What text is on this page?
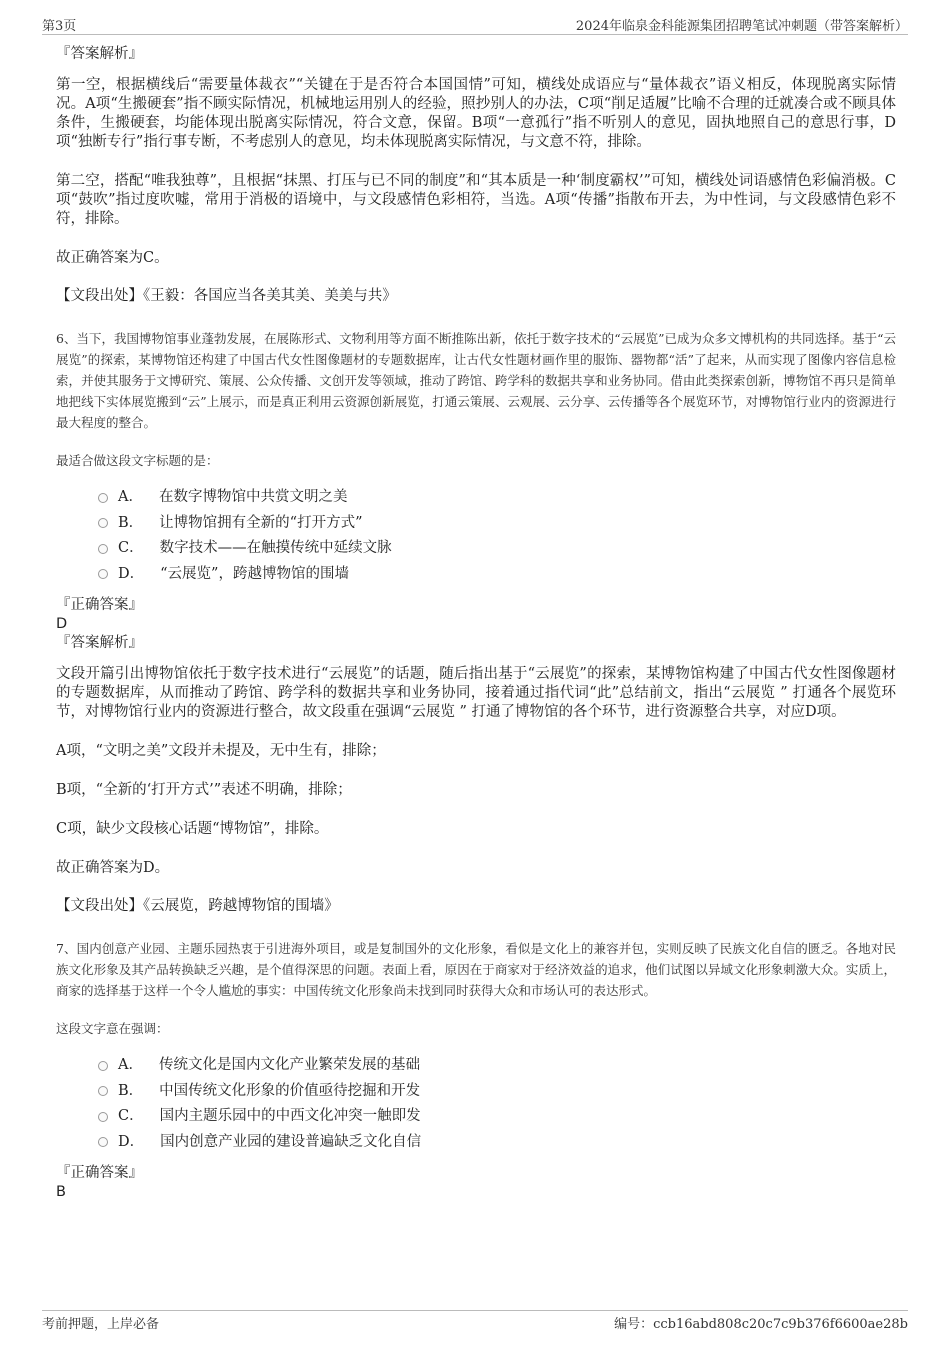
第3页	2024年临泉金科能源集团招聘笔试冲刺题（带答案解析）
『答案解析』
第一空，根据横线后“需要量体裁衣”“关键在于是否符合本国国情”可知，横线处成语应与“量体裁衣”语义相反，体现脱离实际情况。A项“生搬硬套”指不顾实际情况，机械地运用别人的经验，照抄别人的办法，C项“削足适履”比喻不合理的迁就凑合或不顾具体条件，生搬硬套，均能体现出脱离实际情况，符合文意，保留。B项“一意孤行”指不听别人的意见，固执地照自己的意思行事，D项“独断专行”指行事专断，不考虑别人的意见，均未体现脱离实际情况，与文意不符，排除。
第二空，搭配“唯我独尊”，且根据“抹黑、打压与已不同的制度”和“其本质是一种‘制度霸权’”可知，横线处词语感情色彩偏消极。C项“鼓吹”指过度吹嘘，常用于消极的语境中，与文段感情色彩相符，当选。A项“传播”指散布开去，为中性词，与文段感情色彩不符，排除。
故正确答案为C。
【文段出处】《王毅：各国应当各美其美、美美与共》
6、当下，我国博物馆事业蓬勃发展，在展陈形式、文物利用等方面不断推陈出新，依托于数字技术的“云展览”已成为众多文博机构的共同选择。基于“云展览”的探索，某博物馆还构建了中国古代女性图像题材的专题数据库，让古代女性题材画作里的服饰、器物都“活”了起来，从而实现了图像内容信息检索，并使其服务于文博研究、策展、公众传播、文创开发等领域，推动了跨馆、跨学科的数据共享和业务协同。借由此类探索创新，博物馆不再只是简单地把线下实体展览搬到“云”上展示，而是真正利用云资源创新展览，打通云策展、云观展、云分享、云传播等各个展览环节，对博物馆行业内的资源进行最大程度的整合。
最适合做这段文字标题的是：
A． 在数字博物馆中共赏文明之美
B． 让博物馆拥有全新的“打开方式”
C． 数字技术——在触摸传统中延续文脉
D． “云展览”，跨越博物馆的围墙
『正确答案』
D
『答案解析』
文段开篇引出博物馆依托于数字技术进行“云展览”的话题，随后指出基于“云展览”的探索，某博物馆构建了中国古代女性图像题材的专题数据库，从而推动了跨馆、跨学科的数据共享和业务协同，接着通过指代词“此”总结前文，指出“云展览 ” 打通各个展览环节，对博物馆行业内的资源进行整合，故文段重在强调“云展览 ” 打通了博物馆的各个环节，进行资源整合共享，对应D项。
A项，“文明之美”文段并未提及，无中生有，排除；
B项，“全新的‘打开方式’”表述不明确，排除；
C项，缺少文段核心话题“博物馆”，排除。
故正确答案为D。
【文段出处】《云展览，跨越博物馆的围墙》
7、国内创意产业园、主题乐园热衷于引进海外项目，或是复制国外的文化形象，看似是文化上的兼容并包，实则反映了民族文化自信的匮乏。各地对民族文化形象及其产品转换缺乏兴趣，是个值得深思的问题。表面上看，原因在于商家对于经济效益的追求，他们试图以异域文化形象刺激大众。实质上，商家的选择基于这样一个令人尴尬的事实：中国传统文化形象尚未找到同时获得大众和市场认可的表达形式。
这段文字意在强调：
A． 传统文化是国内文化产业繁荣发展的基础
B． 中国传统文化形象的价值亟待挖掘和开发
C． 国内主题乐园中的中西文化冲突一触即发
D． 国内创意产业园的建设普遍缺乏文化自信
『正确答案』
B
考前押题，上岸必备	编号：ccb16abd808c20c7c9b376f6600ae28b
